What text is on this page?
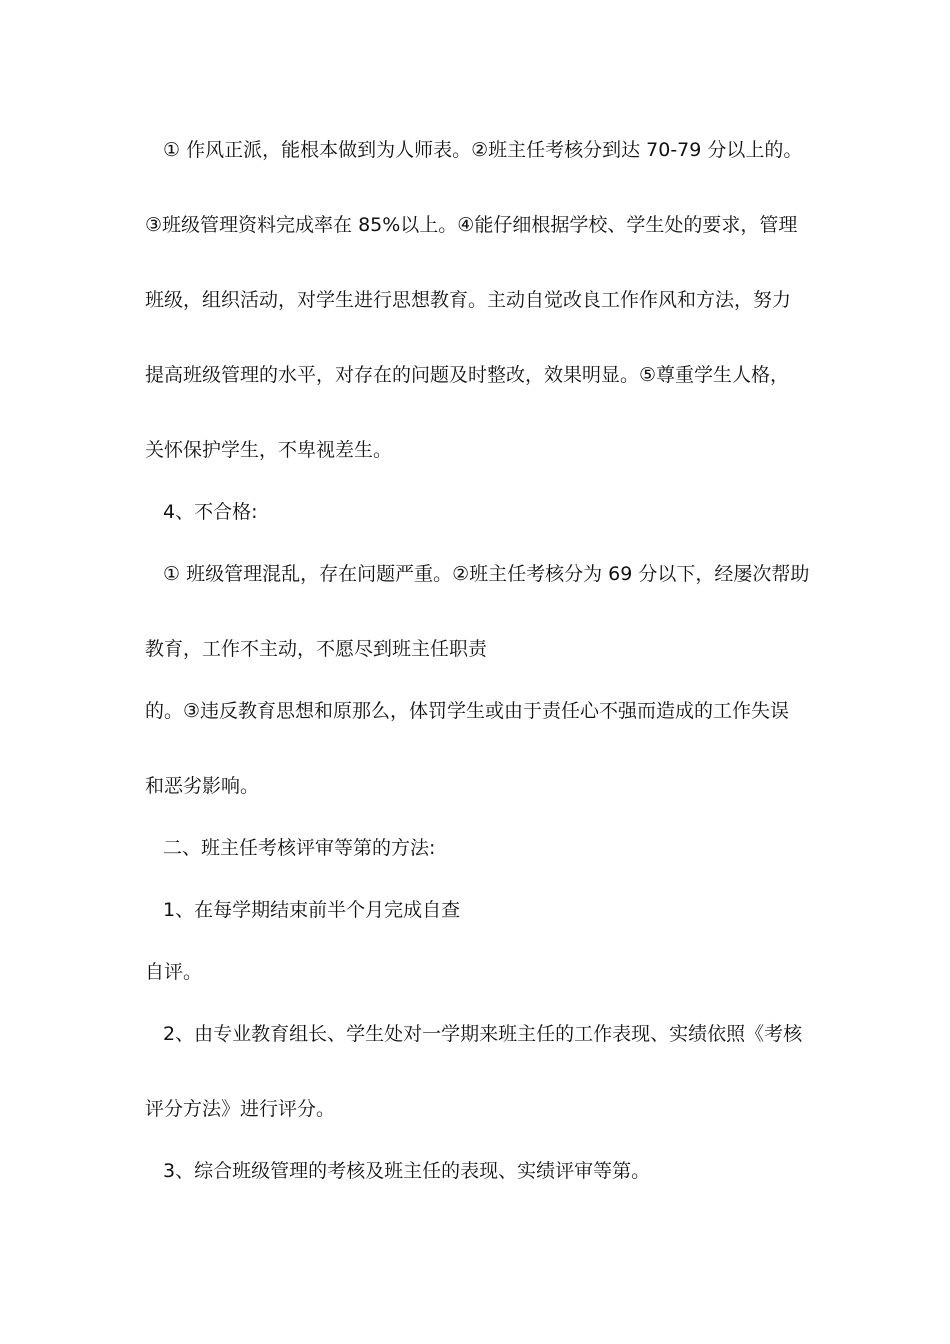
① 作风正派，能根本做到为人师表。②班主任考核分到达 70-79 分以上的。
③班级管理资料完成率在 85%以上。④能仔细根据学校、学生处的要求，管理
班级，组织活动，对学生进行思想教育。主动自觉改良工作作风和方法，努力
提高班级管理的水平，对存在的问题及时整改，效果明显。⑤尊重学生人格，
关怀保护学生，不卑视差生。
4、不合格:
① 班级管理混乱，存在问题严重。②班主任考核分为 69 分以下，经屡次帮助
教育，工作不主动，不愿尽到班主任职责
的。③违反教育思想和原那么，体罚学生或由于责任心不强而造成的工作失误
和恶劣影响。
二、班主任考核评审等第的方法:
1、在每学期结束前半个月完成自查
自评。
2、由专业教育组长、学生处对一学期来班主任的工作表现、实绩依照《考核
评分方法》进行评分。
3、综合班级管理的考核及班主任的表现、实绩评审等第。
